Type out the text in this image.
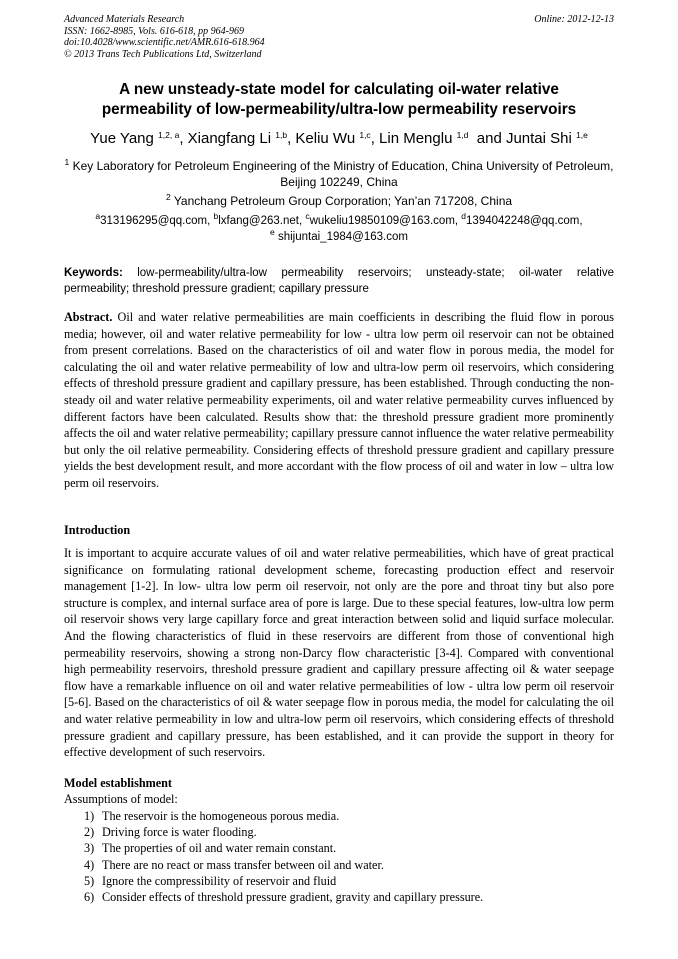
Advanced Materials Research
ISSN: 1662-8985, Vols. 616-618, pp 964-969
doi:10.4028/www.scientific.net/AMR.616-618.964
© 2013 Trans Tech Publications Ltd, Switzerland
Online: 2012-12-13
A new unsteady-state model for calculating oil-water relative
permeability of low-permeability/ultra-low permeability reservoirs
Yue Yang $^{1,2, a}$, Xiangfang Li $^{1,b}$, Keliu Wu $^{1,c}$, Lin Menglu $^{1,d}$  and Juntai Shi $^{1,e}$
$^1$ Key Laboratory for Petroleum Engineering of the Ministry of Education, China University of Petroleum, Beijing 102249, China
$^2$ Yanchang Petroleum Group Corporation; Yan’an 717208, China
$^a$313196295@qq.com, $^b$lxfang@263.net, $^c$wukeliu19850109@163.com, $^d$1394042248@qq.com,
$^e$ shijuntai_1984@163.com
Keywords: low-permeability/ultra-low permeability reservoirs; unsteady-state; oil-water relative permeability; threshold pressure gradient; capillary pressure
Abstract. Oil and water relative permeabilities are main coefficients in describing the fluid flow in porous media; however, oil and water relative permeability for low - ultra low perm oil reservoir can not be obtained from present correlations. Based on the characteristics of oil and water flow in porous media, the model for calculating the oil and water relative permeability of low and ultra-low perm oil reservoirs, which considering effects of threshold pressure gradient and capillary pressure, has been established. Through conducting the non-steady oil and water relative permeability experiments, oil and water relative permeability curves influenced by different factors have been calculated. Results show that: the threshold pressure gradient more prominently affects the oil and water relative permeability; capillary pressure cannot influence the water relative permeability but only the oil relative permeability. Considering effects of threshold pressure gradient and capillary pressure yields the best development result, and more accordant with the flow process of oil and water in low – ultra low perm oil reservoirs.
Introduction
It is important to acquire accurate values of oil and water relative permeabilities, which have of great practical significance on formulating rational development scheme, forecasting production effect and reservoir management [1-2]. In low- ultra low perm oil reservoir, not only are the pore and throat tiny but also pore structure is complex, and internal surface area of pore is large. Due to these special features, low-ultra low perm oil reservoir shows very large capillary force and great interaction between solid and liquid surface molecular. And the flowing characteristics of fluid in these reservoirs are different from those of conventional high permeability reservoirs, showing a strong non-Darcy flow characteristic [3-4]. Compared with conventional high permeability reservoirs, threshold pressure gradient and capillary pressure affecting oil & water seepage flow have a remarkable influence on oil and water relative permeabilities of low - ultra low perm oil reservoir [5-6]. Based on the characteristics of oil & water seepage flow in porous media, the model for calculating the oil and water relative permeability in low and ultra-low perm oil reservoirs, which considering effects of threshold pressure gradient and capillary pressure, has been established, and it can provide the support in theory for effective development of such reservoirs.
Model establishment
Assumptions of model:
1) The reservoir is the homogeneous porous media.
2) Driving force is water flooding.
3) The properties of oil and water remain constant.
4) There are no react or mass transfer between oil and water.
5) Ignore the compressibility of reservoir and fluid
6) Consider effects of threshold pressure gradient, gravity and capillary pressure.
